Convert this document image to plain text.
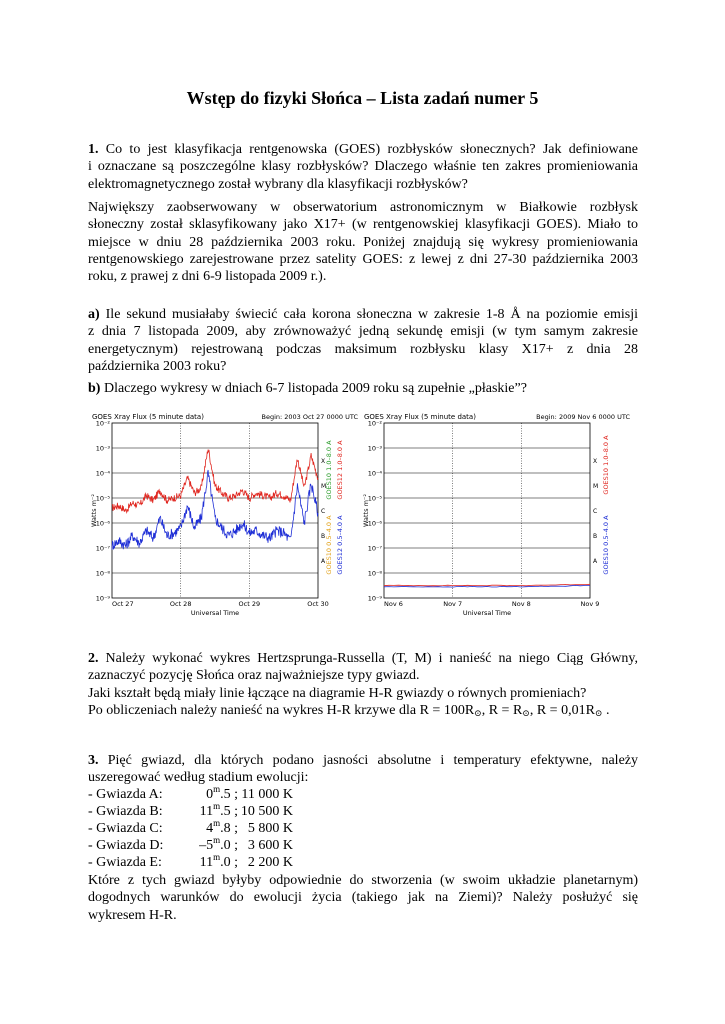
Wstęp do fizyki Słońca – Lista zadań numer 5
1. Co to jest klasyfikacja rentgenowska (GOES) rozbłysków słonecznych? Jak definiowane
i oznaczane są poszczególne klasy rozbłysków? Dlaczego właśnie ten zakres promieniowania
elektromagnetycznego został wybrany dla klasyfikacji rozbłysków?
Największy zaobserwowany w obserwatorium astronomicznym w Białkowie rozbłysk
słoneczny został sklasyfikowany jako X17+ (w rentgenowskiej klasyfikacji GOES). Miało to
miejsce w dniu 28 października 2003 roku. Poniżej znajdują się wykresy promieniowania
rentgenowskiego zarejestrowane przez satelity GOES: z lewej z dni 27-30 października 2003
roku, z prawej z dni 6-9 listopada 2009 r.).
a) Ile sekund musiałaby świecić cała korona słoneczna w zakresie 1-8 Å na poziomie emisji
z dnia 7 listopada 2009, aby zrównoważyć jedną sekundę emisji (w tym samym zakresie
energetycznym) rejestrowaną podczas maksimum rozbłysku klasy X17+ z dnia 28
października 2003 roku?
b) Dlaczego wykresy w dniach 6-7 listopada 2009 roku są zupełnie „płaskie”?
GOES Xray Flux (5 minute data)	Begin: 2003 Oct 27 0000 UTC
10⁻²
10⁻³
10⁻⁴
10⁻⁵
10⁻⁶
10⁻⁷
10⁻⁸
10⁻⁹
X
M
C
B
A
Oct 27	Oct 28	Oct 29	Oct 30
Universal Time
Watts m⁻²
GOES10 1.0–8.0 A GOES12 1.0–8.0 A
GOES10 0.5–4.0 A GOES12 0.5–4.0 A
GOES Xray Flux (5 minute data)	Begin: 2009 Nov 6 0000 UTC
10⁻²
10⁻³
10⁻⁴
10⁻⁵
10⁻⁶
10⁻⁷
10⁻⁸
10⁻⁹
X
M
C
B
A
Nov 6	Nov 7	Nov 8	Nov 9
Universal Time
Watts m⁻²
GOES10 1.0–8.0 A
GOES10 0.5–4.0 A
2. Należy wykonać wykres Hertzsprunga-Russella (T, M) i nanieść na niego Ciąg Główny,
zaznaczyć pozycję Słońca oraz najważniejsze typy gwiazd.
Jaki kształt będą miały linie łączące na diagramie H-R gwiazdy o równych promieniach?
Po obliczeniach należy nanieść na wykres H-R krzywe dla R = 100R⊙, R = R⊙, R = 0,01R⊙ .
3. Pięć gwiazd, dla których podano jasności absolutne i temperatury efektywne, należy
uszeregować według stadium ewolucji:
- Gwiazda A:	0$^m$.5 ; 11 000 K
- Gwiazda B:	11$^m$.5 ; 10 500 K
- Gwiazda C:	4$^m$.8 ; 5 800 K
- Gwiazda D:	–5$^m$.0 ; 3 600 K
- Gwiazda E:	11$^m$.0 ; 2 200 K
Które z tych gwiazd byłyby odpowiednie do stworzenia (w swoim układzie planetarnym)
dogodnych warunków do ewolucji życia (takiego jak na Ziemi)? Należy posłużyć się
wykresem H-R.
